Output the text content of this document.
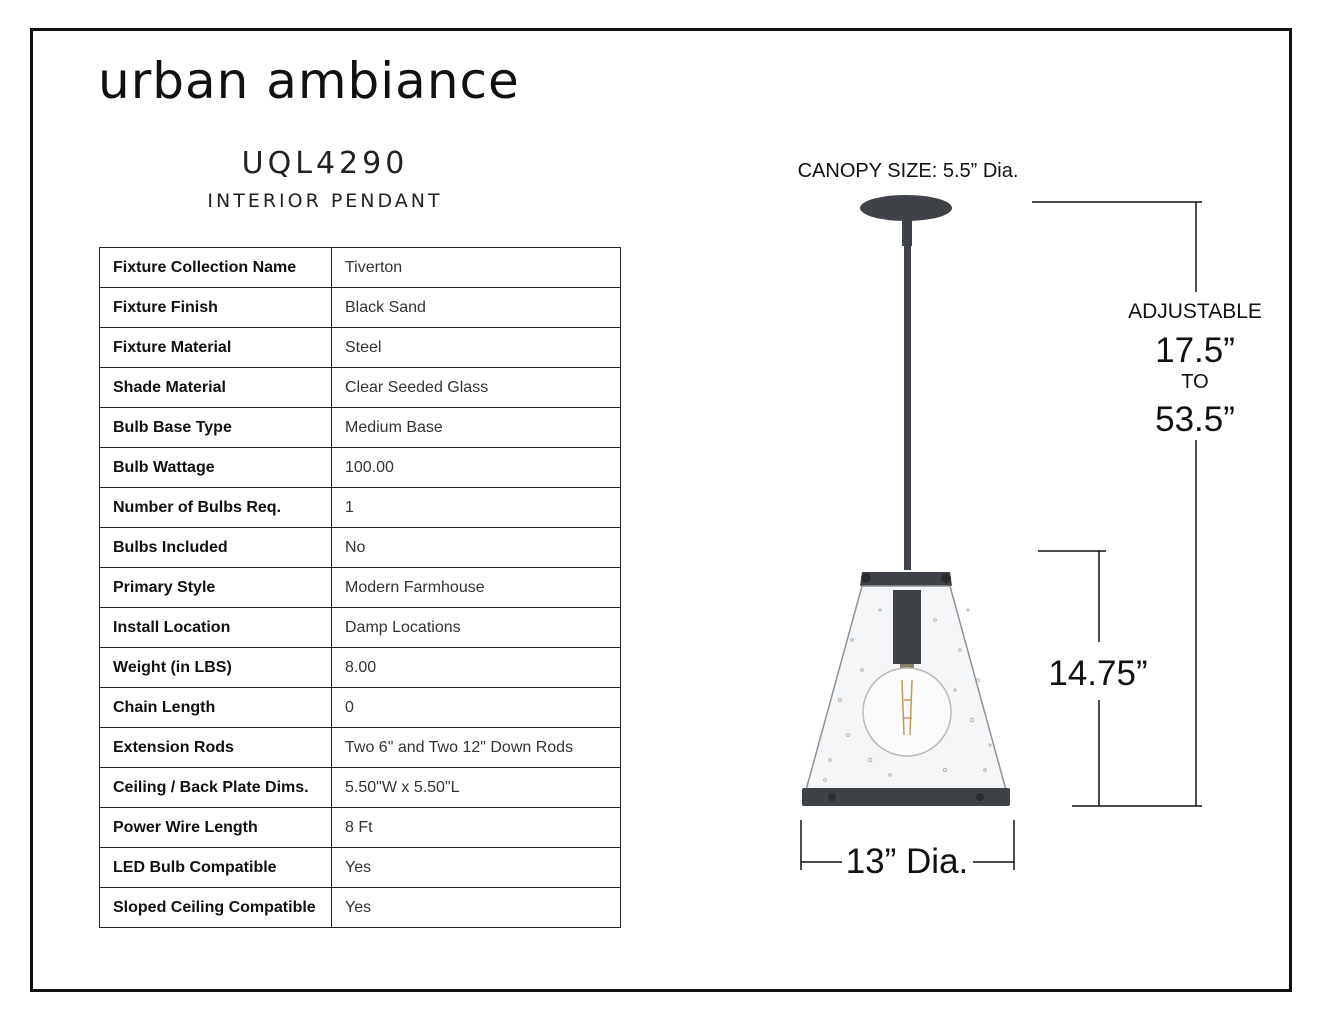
urban ambiance
UQL4290
INTERIOR PENDANT
Fixture Collection Name	Tiverton
Fixture Finish	Black Sand
Fixture Material	Steel
Shade Material	Clear Seeded Glass
Bulb Base Type	Medium Base
Bulb Wattage	100.00
Number of Bulbs Req.	1
Bulbs Included	No
Primary Style	Modern Farmhouse
Install Location	Damp Locations
Weight (in LBS)	8.00
Chain Length	0
Extension Rods	Two 6" and Two 12" Down Rods
Ceiling / Back Plate Dims.	5.50"W x 5.50"L
Power Wire Length	8 Ft
LED Bulb Compatible	Yes
Sloped Ceiling Compatible	Yes
CANOPY SIZE: 5.5” Dia.
ADJUSTABLE
17.5”
TO
53.5”
14.75”
13” Dia.
